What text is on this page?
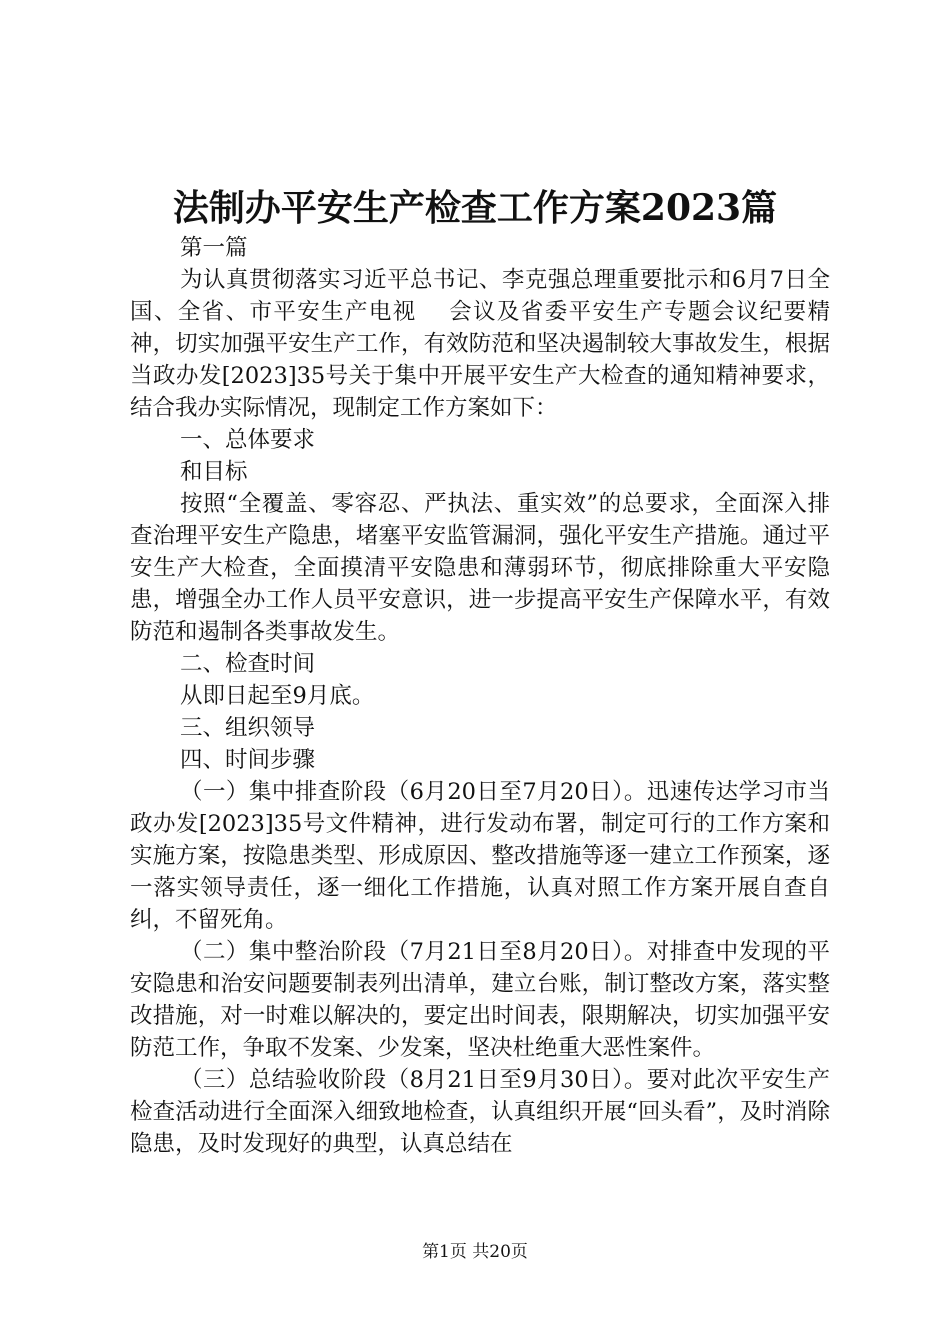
法制办平安生产检查工作方案2023篇

第一篇

为认真贯彻落实习近平总书记、李克强总理重要批示和6月7日全国、全省、市平安生产电视　 会议及省委平安生产专题会议纪要精神，切实加强平安生产工作，有效防范和坚决遏制较大事故发生，根据当政办发[2023]35号关于集中开展平安生产大检查的通知精神要求，结合我办实际情况，现制定工作方案如下：

一、总体要求

和目标

按照“全覆盖、零容忍、严执法、重实效”的总要求，全面深入排查治理平安生产隐患，堵塞平安监管漏洞，强化平安生产措施。通过平安生产大检查，全面摸清平安隐患和薄弱环节，彻底排除重大平安隐患，增强全办工作人员平安意识，进一步提高平安生产保障水平，有效防范和遏制各类事故发生。

二、检查时间

从即日起至9月底。

三、组织领导

四、时间步骤

（一）集中排查阶段（6月20日至7月20日）。迅速传达学习市当政办发[2023]35号文件精神，进行发动布署，制定可行的工作方案和实施方案，按隐患类型、形成原因、整改措施等逐一建立工作预案，逐一落实领导责任，逐一细化工作措施，认真对照工作方案开展自查自纠，不留死角。

（二）集中整治阶段（7月21日至8月20日）。对排查中发现的平安隐患和治安问题要制表列出清单，建立台账，制订整改方案，落实整改措施，对一时难以解决的，要定出时间表，限期解决，切实加强平安防范工作，争取不发案、少发案，坚决杜绝重大恶性案件。

（三）总结验收阶段（8月21日至9月30日）。要对此次平安生产检查活动进行全面深入细致地检查，认真组织开展“回头看”，及时消除隐患，及时发现好的典型，认真总结在

第1页 共20页
